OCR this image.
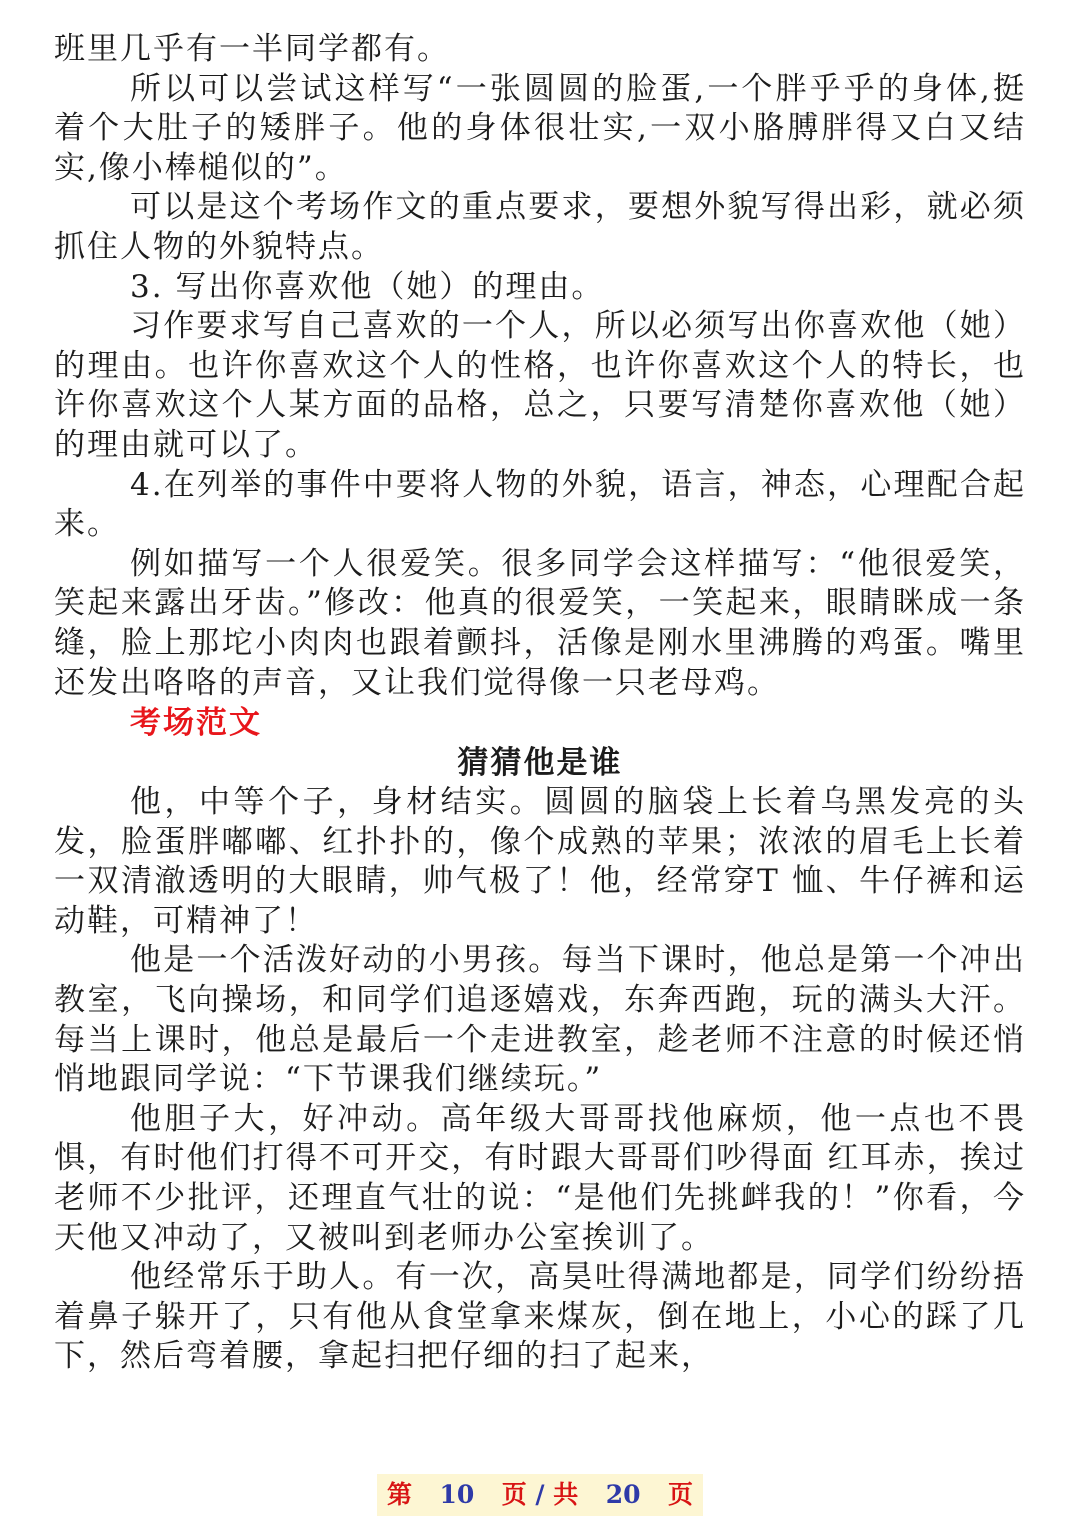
班里几乎有一半同学都有。

所以可以尝试这样写“一张圆圆的脸蛋,一个胖乎乎的身体,挺着个大肚子的矮胖子。他的身体很壮实,一双小胳膊胖得又白又结实,像小棒槌似的”。

可以是这个考场作文的重点要求，要想外貌写得出彩，就必须抓住人物的外貌特点。

3. 写出你喜欢他（她）的理由。

习作要求写自己喜欢的一个人，所以必须写出你喜欢他（她）的理由。也许你喜欢这个人的性格，也许你喜欢这个人的特长，也许你喜欢这个人某方面的品格，总之，只要写清楚你喜欢他（她）的理由就可以了。

4.在列举的事件中要将人物的外貌，语言，神态，心理配合起来。

例如描写一个人很爱笑。很多同学会这样描写：“他很爱笑，笑起来露出牙齿。”修改：他真的很爱笑，一笑起来，眼睛眯成一条缝，脸上那坨小肉肉也跟着颤抖，活像是刚水里沸腾的鸡蛋。嘴里还发出咯咯的声音，又让我们觉得像一只老母鸡。

考场范文

猜猜他是谁

他，中等个子，身材结实。圆圆的脑袋上长着乌黑发亮的头发，脸蛋胖嘟嘟、红扑扑的，像个成熟的苹果；浓浓的眉毛上长着一双清澈透明的大眼睛，帅气极了！他，经常穿T 恤、牛仔裤和运动鞋，可精神了！

他是一个活泼好动的小男孩。每当下课时，他总是第一个冲出教室，飞向操场，和同学们追逐嬉戏，东奔西跑，玩的满头大汗。每当上课时，他总是最后一个走进教室，趁老师不注意的时候还悄悄地跟同学说：“下节课我们继续玩。”

他胆子大，好冲动。高年级大哥哥找他麻烦，他一点也不畏惧，有时他们打得不可开交，有时跟大哥哥们吵得面 红耳赤，挨过老师不少批评，还理直气壮的说：“是他们先挑衅我的！”你看，今天他又冲动了，又被叫到老师办公室挨训了。

他经常乐于助人。有一次，高昊吐得满地都是，同学们纷纷捂着鼻子躲开了，只有他从食堂拿来煤灰，倒在地上，小心的踩了几下，然后弯着腰，拿起扫把仔细的扫了起来，

第 10 页 / 共 20 页
